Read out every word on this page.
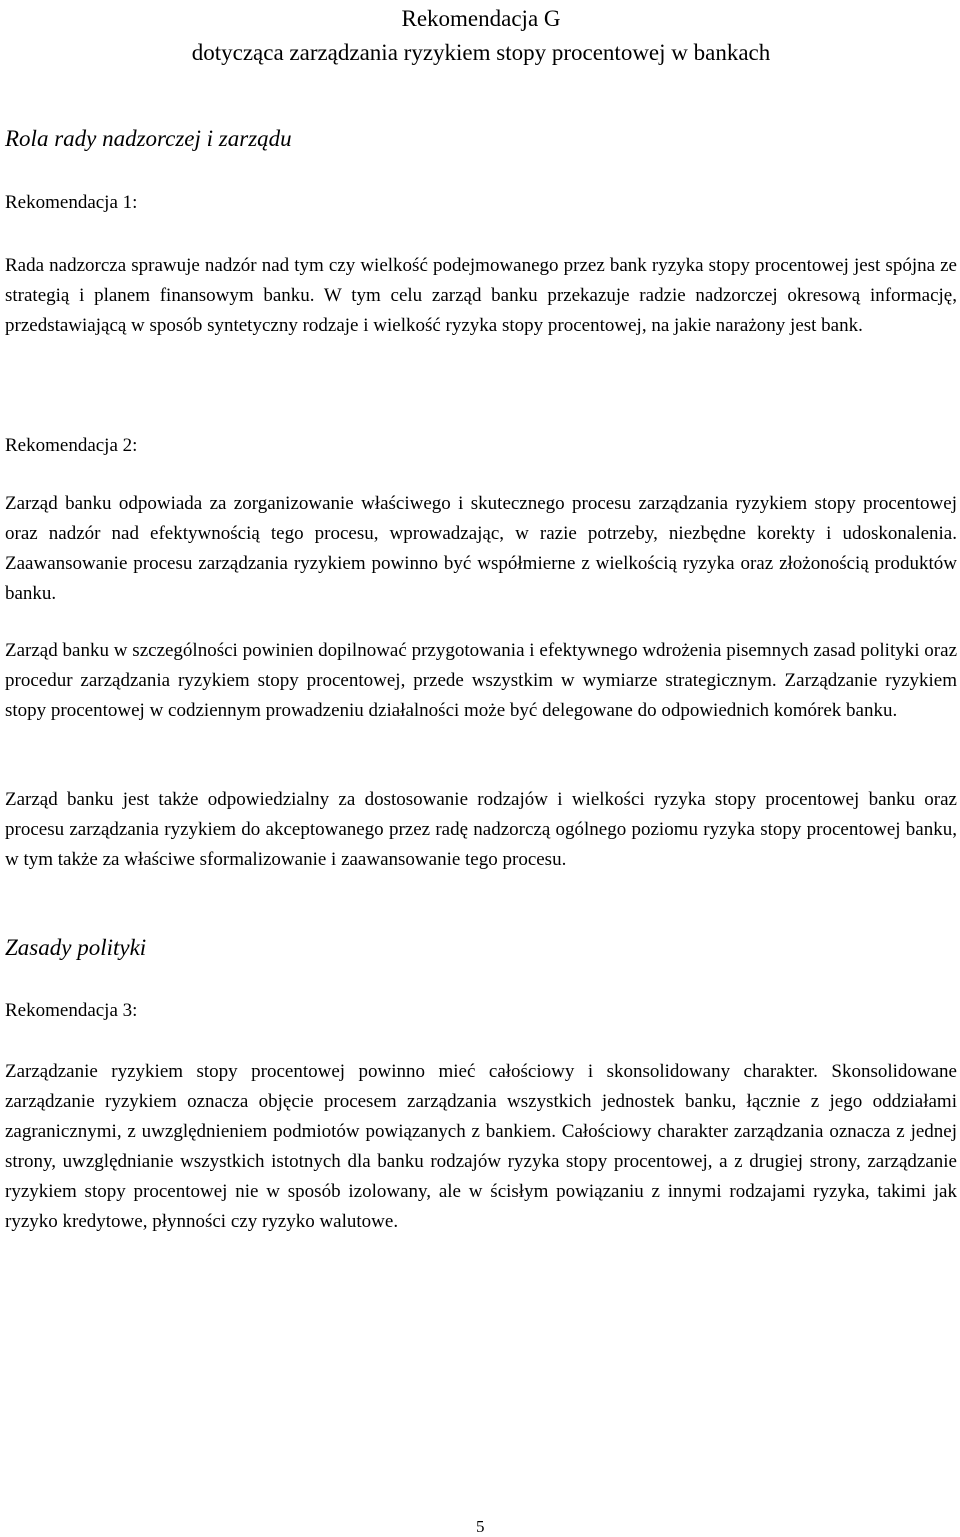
Rekomendacja G
dotycząca zarządzania ryzykiem stopy procentowej w bankach
Rola rady nadzorczej i zarządu
Rekomendacja 1:

Rada nadzorcza sprawuje nadzór nad tym czy wielkość podejmowanego przez bank ryzyka stopy procentowej jest spójna ze strategią i planem finansowym banku. W tym celu zarząd banku przekazuje radzie nadzorczej okresową informację, przedstawiającą w sposób syntetyczny rodzaje i wielkość ryzyka stopy procentowej, na jakie narażony jest bank.

Rekomendacja 2:

Zarząd banku odpowiada za zorganizowanie właściwego i skutecznego procesu zarządzania ryzykiem stopy procentowej oraz nadzór nad efektywnością tego procesu, wprowadzając, w razie potrzeby, niezbędne korekty i udoskonalenia. Zaawansowanie procesu zarządzania ryzykiem powinno być współmierne z wielkością ryzyka oraz złożonością produktów banku.

Zarząd banku w szczególności powinien dopilnować przygotowania i efektywnego wdrożenia pisemnych zasad polityki oraz procedur zarządzania ryzykiem stopy procentowej, przede wszystkim w wymiarze strategicznym. Zarządzanie ryzykiem stopy procentowej w codziennym prowadzeniu działalności może być delegowane do odpowiednich komórek banku.

Zarząd banku jest także odpowiedzialny za dostosowanie rodzajów i wielkości ryzyka stopy procentowej banku oraz procesu zarządzania ryzykiem do akceptowanego przez radę nadzorczą ogólnego poziomu ryzyka stopy procentowej banku, w tym także za właściwe sformalizowanie i zaawansowanie tego procesu.

Zasady polityki
Rekomendacja 3:

Zarządzanie ryzykiem stopy procentowej powinno mieć całościowy i skonsolidowany charakter. Skonsolidowane zarządzanie ryzykiem oznacza objęcie procesem zarządzania wszystkich jednostek banku, łącznie z jego oddziałami zagranicznymi, z uwzględnieniem podmiotów powiązanych z bankiem. Całościowy charakter zarządzania oznacza z jednej strony, uwzględnianie wszystkich istotnych dla banku rodzajów ryzyka stopy procentowej, a z drugiej strony, zarządzanie ryzykiem stopy procentowej nie w sposób izolowany, ale w ścisłym powiązaniu z innymi rodzajami ryzyka, takimi jak ryzyko kredytowe, płynności czy ryzyko walutowe.

5
